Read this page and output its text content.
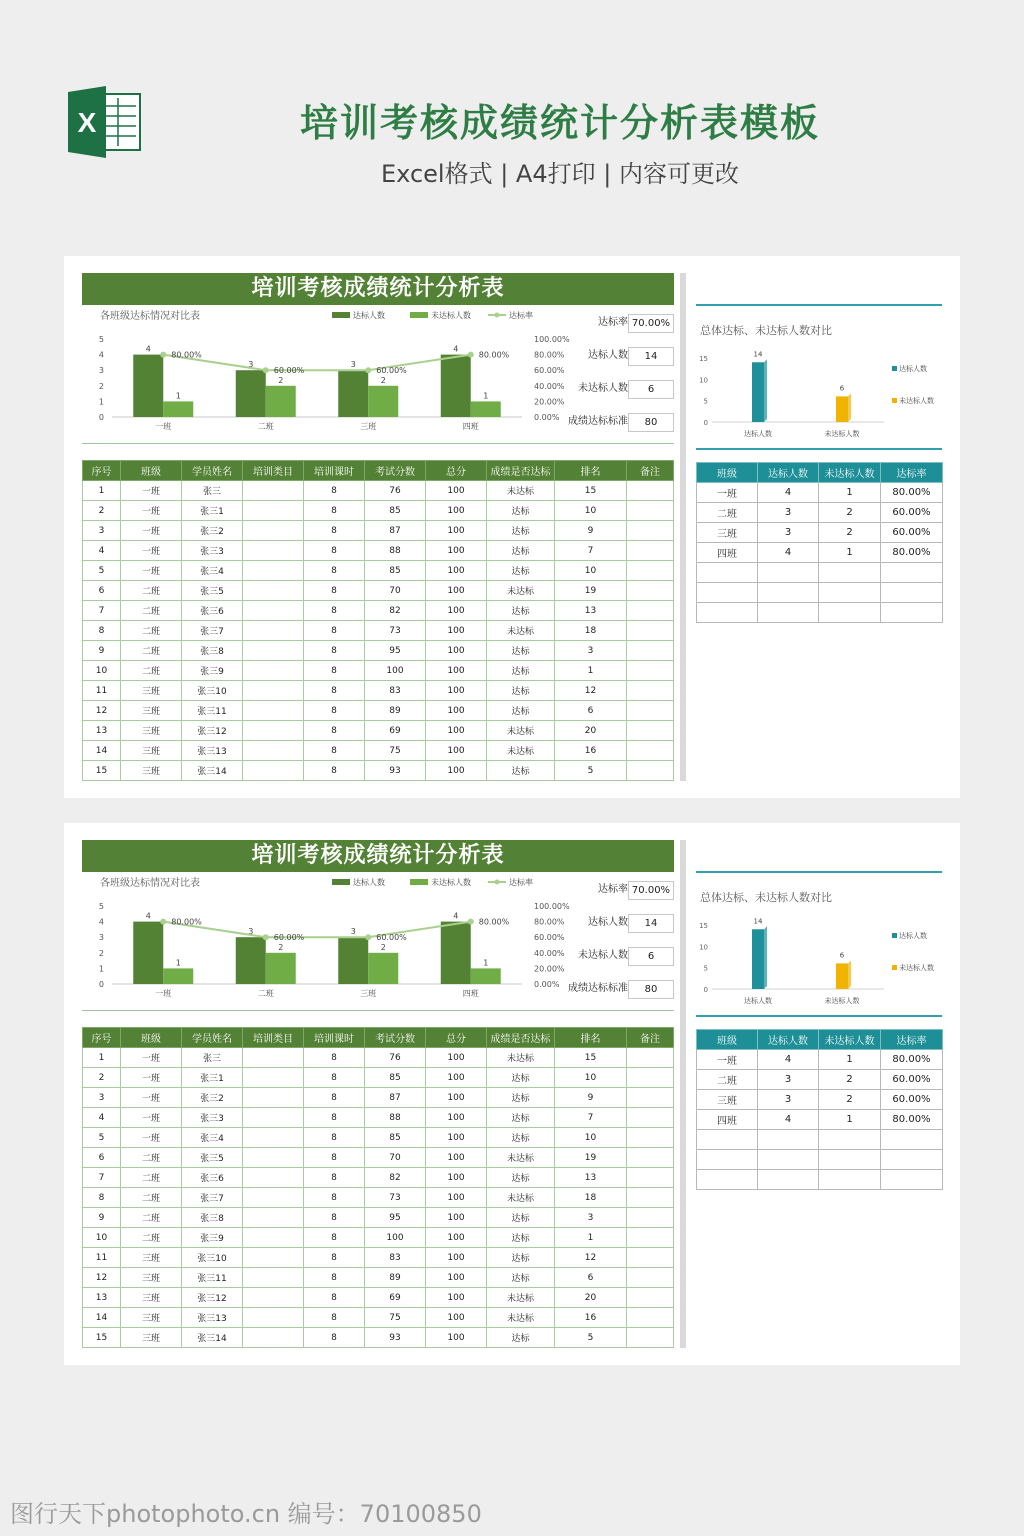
X	培训考核成绩统计分析表模板
Excel格式 | A4打印 | 内容可更改
培训考核成绩统计分析表
各班级达标情况对比表	达标人数	未达标人数	达标率
0
1
2
3
4
5
0.00%
20.00%
40.00%
60.00%
80.00%
100.00%
4
1
一班
3
2
二班
3
2
三班
4
1
四班
80.00%
60.00%	60.00%
80.00%
达标率 70.00%
达标人数	14
未达标人数	6
成绩达标标准	80
序号	班级	学员姓名	培训类目	培训课时	考试分数	总分	成绩是否达标	排名	备注
1	一班	张三		8	76	100	未达标	15	
2	一班	张三1		8	85	100	达标	10	
3	一班	张三2		8	87	100	达标	9	
4	一班	张三3		8	88	100	达标	7	
5	一班	张三4		8	85	100	达标	10	
6	二班	张三5		8	70	100	未达标	19	
7	二班	张三6		8	82	100	达标	13	
8	二班	张三7		8	73	100	未达标	18	
9	二班	张三8		8	95	100	达标	3	
10	二班	张三9		8	100	100	达标	1	
11	三班	张三10		8	83	100	达标	12	
12	三班	张三11		8	89	100	达标	6	
13	三班	张三12		8	69	100	未达标	20	
14	三班	张三13		8	75	100	未达标	16	
15	三班	张三14		8	93	100	达标	5	
总体达标、未达标人数对比
0
5
10
15
14
达标人数
达标人数
6
未达标人数
未达标人数
班级	达标人数	未达标人数	达标率
一班	4	1	80.00%
二班	3	2	60.00%
三班	3	2	60.00%
四班	4	1	80.00%

培训考核成绩统计分析表
各班级达标情况对比表	达标人数	未达标人数	达标率
0
1
2
3
4
5
0.00%
20.00%
40.00%
60.00%
80.00%
100.00%
4
1
一班
3
2
二班
3
2
三班
4
1
四班
80.00%
60.00%	60.00%
80.00%
达标率 70.00%
达标人数	14
未达标人数	6
成绩达标标准	80
序号	班级	学员姓名	培训类目	培训课时	考试分数	总分	成绩是否达标	排名	备注
1	一班	张三		8	76	100	未达标	15	
2	一班	张三1		8	85	100	达标	10	
3	一班	张三2		8	87	100	达标	9	
4	一班	张三3		8	88	100	达标	7	
5	一班	张三4		8	85	100	达标	10	
6	二班	张三5		8	70	100	未达标	19	
7	二班	张三6		8	82	100	达标	13	
8	二班	张三7		8	73	100	未达标	18	
9	二班	张三8		8	95	100	达标	3	
10	二班	张三9		8	100	100	达标	1	
11	三班	张三10		8	83	100	达标	12	
12	三班	张三11		8	89	100	达标	6	
13	三班	张三12		8	69	100	未达标	20	
14	三班	张三13		8	75	100	未达标	16	
15	三班	张三14		8	93	100	达标	5	
总体达标、未达标人数对比
0
5
10
15
14
达标人数
达标人数
6
未达标人数
未达标人数
班级	达标人数	未达标人数	达标率
一班	4	1	80.00%
二班	3	2	60.00%
三班	3	2	60.00%
四班	4	1	80.00%

图行天下photophoto.cn 编号：70100850
